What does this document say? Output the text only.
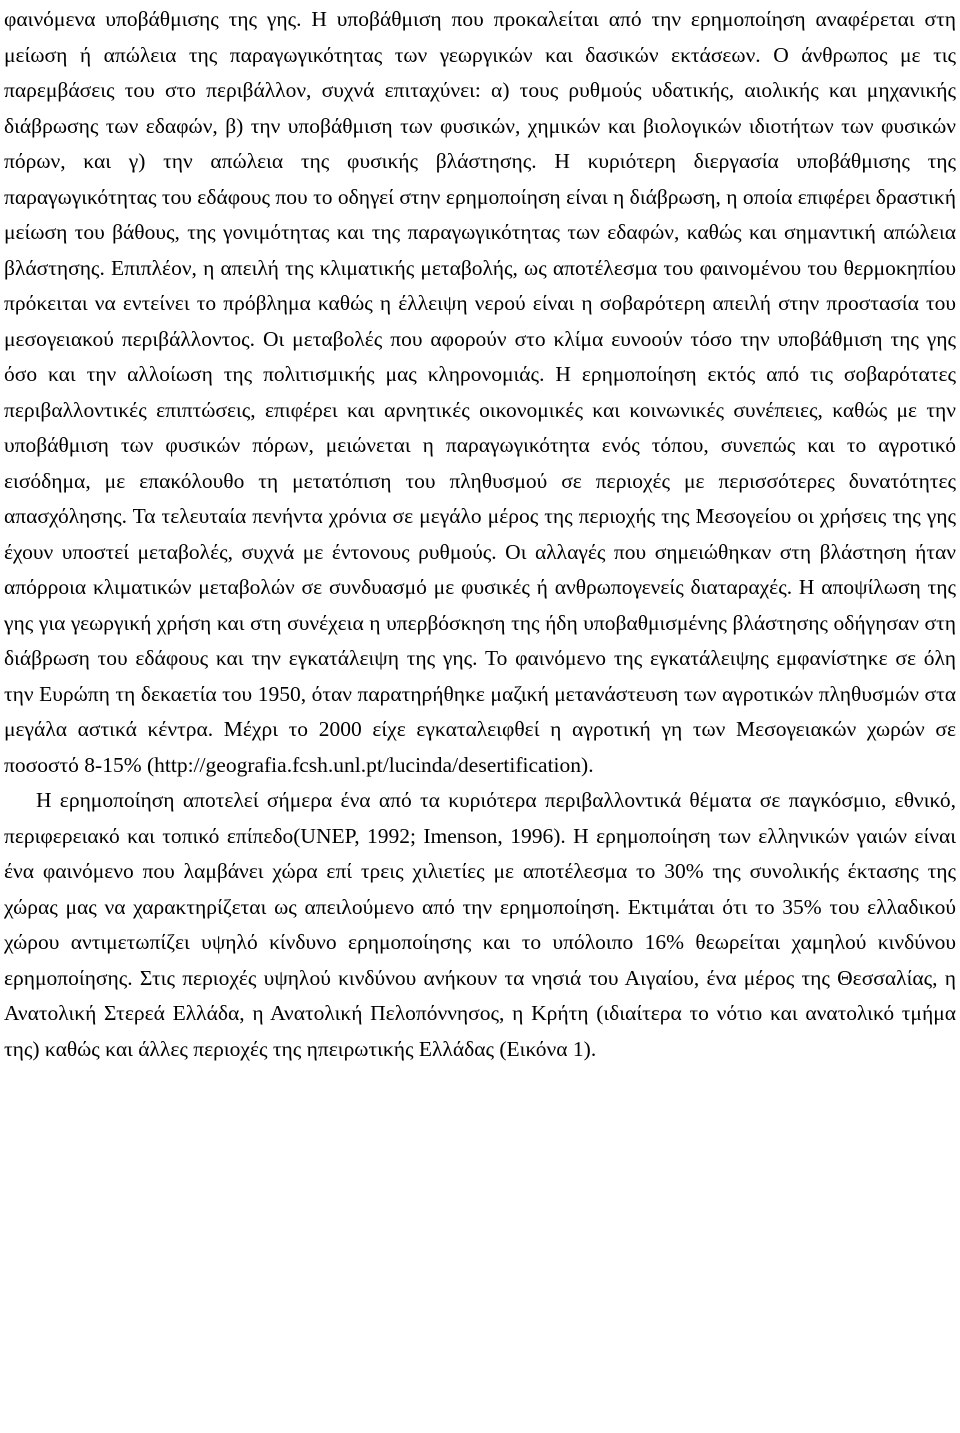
φαινόμενα υποβάθμισης της γης. Η υποβάθμιση που προκαλείται από την ερημοποίηση αναφέρεται στη μείωση ή απώλεια της παραγωγικότητας των γεωργικών και δασικών εκτάσεων. Ο άνθρωπος με τις παρεμβάσεις του στο περιβάλλον, συχνά επιταχύνει: α) τους ρυθμούς υδατικής, αιολικής και μηχανικής διάβρωσης των εδαφών, β) την υποβάθμιση των φυσικών, χημικών και βιολογικών ιδιοτήτων των φυσικών πόρων, και γ) την απώλεια της φυσικής βλάστησης. Η κυριότερη διεργασία υποβάθμισης της παραγωγικότητας του εδάφους που το οδηγεί στην ερημοποίηση είναι η διάβρωση, η οποία επιφέρει δραστική μείωση του βάθους, της γονιμότητας και της παραγωγικότητας των εδαφών, καθώς και σημαντική απώλεια βλάστησης. Επιπλέον, η απειλή της κλιματικής μεταβολής, ως αποτέλεσμα του φαινομένου του θερμοκηπίου πρόκειται να εντείνει το πρόβλημα καθώς η έλλειψη νερού είναι η σοβαρότερη απειλή στην προστασία του μεσογειακού περιβάλλοντος. Οι μεταβολές που αφορούν στο κλίμα ευνοούν τόσο την υποβάθμιση της γης όσο και την αλλοίωση της πολιτισμικής μας κληρονομιάς. Η ερημοποίηση εκτός από τις σοβαρότατες περιβαλλοντικές επιπτώσεις, επιφέρει και αρνητικές οικονομικές και κοινωνικές συνέπειες, καθώς με την υποβάθμιση των φυσικών πόρων, μειώνεται η παραγωγικότητα ενός τόπου, συνεπώς και το αγροτικό εισόδημα, με επακόλουθο τη μετατόπιση του πληθυσμού σε περιοχές με περισσότερες δυνατότητες απασχόλησης. Τα τελευταία πενήντα χρόνια σε μεγάλο μέρος της περιοχής της Μεσογείου οι χρήσεις της γης έχουν υποστεί μεταβολές, συχνά με έντονους ρυθμούς. Οι αλλαγές που σημειώθηκαν στη βλάστηση ήταν απόρροια κλιματικών μεταβολών σε συνδυασμό με φυσικές ή ανθρωπογενείς διαταραχές. Η αποψίλωση της γης για γεωργική χρήση και στη συνέχεια η υπερβόσκηση της ήδη υποβαθμισμένης βλάστησης οδήγησαν στη διάβρωση του εδάφους και την εγκατάλειψη της γης. Το φαινόμενο της εγκατάλειψης εμφανίστηκε σε όλη την Ευρώπη τη δεκαετία του 1950, όταν παρατηρήθηκε μαζική μετανάστευση των αγροτικών πληθυσμών στα μεγάλα αστικά κέντρα. Μέχρι το 2000 είχε εγκαταλειφθεί η αγροτική γη των Μεσογειακών χωρών σε ποσοστό 8-15% (http://geografia.fcsh.unl.pt/lucinda/desertification).

Η ερημοποίηση αποτελεί σήμερα ένα από τα κυριότερα περιβαλλοντικά θέματα σε παγκόσμιο, εθνικό, περιφερειακό και τοπικό επίπεδο(UNEP, 1992; Imenson, 1996). Η ερημοποίηση των ελληνικών γαιών είναι ένα φαινόμενο που λαμβάνει χώρα επί τρεις χιλιετίες με αποτέλεσμα το 30% της συνολικής έκτασης της χώρας μας να χαρακτηρίζεται ως απειλούμενο από την ερημοποίηση. Εκτιμάται ότι το 35% του ελλαδικού χώρου αντιμετωπίζει υψηλό κίνδυνο ερημοποίησης και το υπόλοιπο 16% θεωρείται χαμηλού κινδύνου ερημοποίησης. Στις περιοχές υψηλού κινδύνου ανήκουν τα νησιά του Αιγαίου, ένα μέρος της Θεσσαλίας, η Ανατολική Στερεά Ελλάδα, η Ανατολική Πελοπόννησος, η Κρήτη (ιδιαίτερα το νότιο και ανατολικό τμήμα της) καθώς και άλλες περιοχές της ηπειρωτικής Ελλάδας (Εικόνα 1).
